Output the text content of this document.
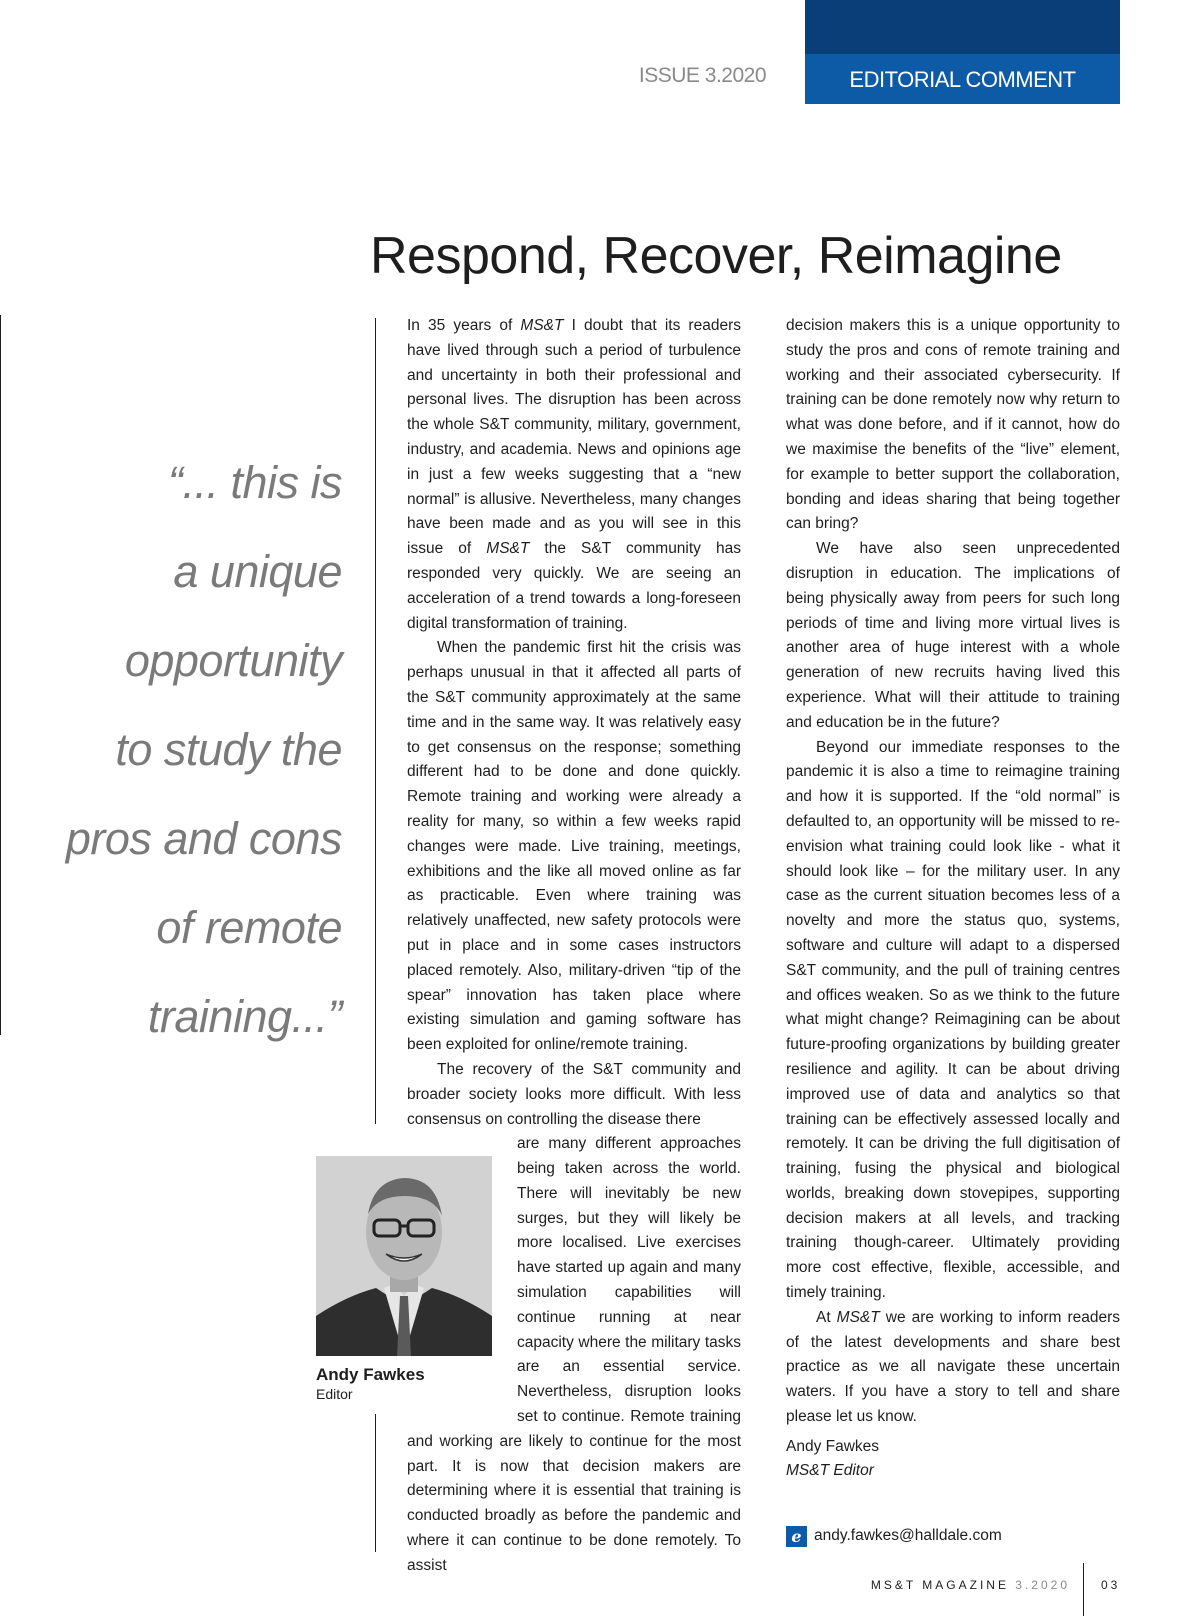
ISSUE 3.2020	EDITORIAL COMMENT
Respond, Recover, Reimagine
“... this is
a unique
opportunity
to study the
pros and cons
of remote
training...”

In 35 years of MS&T I doubt that its readers have lived through such a period of turbulence and uncertainty in both their professional and personal lives. The disruption has been across the whole S&T community, military, government, industry, and academia. News and opinions age in just a few weeks suggesting that a “new normal” is allusive. Nevertheless, many changes have been made and as you will see in this issue of MS&T the S&T community has responded very quickly. We are seeing an acceleration of a trend towards a long-foreseen digital transformation of training.

When the pandemic first hit the crisis was perhaps unusual in that it affected all parts of the S&T community approximately at the same time and in the same way. It was relatively easy to get consensus on the response; something different had to be done and done quickly. Remote training and working were already a reality for many, so within a few weeks rapid changes were made. Live training, meetings, exhibitions and the like all moved online as far as practicable. Even where training was relatively unaffected, new safety protocols were put in place and in some cases instructors placed remotely. Also, military-driven “tip of the spear” innovation has taken place where existing simulation and gaming software has been exploited for online/remote training.

The recovery of the S&T community and broader society looks more difficult. With less consensus on controlling the disease there

are many different approaches being taken across the world. There will inevitably be new surges, but they will likely be more localised. Live exercises have started up again and many simulation capabilities will continue running at near capacity where the military tasks are an essential service. Nevertheless, disruption looks set to continue. Remote training and working are likely to continue for the most part. It is now that decision makers are determining where it is essential that training is conducted broadly as before the pandemic and where it can continue to be done remotely. To assist

Andy Fawkes
Editor

decision makers this is a unique opportunity to study the pros and cons of remote training and working and their associated cybersecurity. If training can be done remotely now why return to what was done before, and if it cannot, how do we maximise the benefits of the “live” element, for example to better support the collaboration, bonding and ideas sharing that being together can bring?

We have also seen unprecedented disruption in education. The implications of being physically away from peers for such long periods of time and living more virtual lives is another area of huge interest with a whole generation of new recruits having lived this experience. What will their attitude to training and education be in the future?

Beyond our immediate responses to the pandemic it is also a time to reimagine training and how it is supported. If the “old normal” is defaulted to, an opportunity will be missed to re-envision what training could look like - what it should look like – for the military user. In any case as the current situation becomes less of a novelty and more the status quo, systems, software and culture will adapt to a dispersed S&T community, and the pull of training centres and offices weaken. So as we think to the future what might change? Reimagining can be about future-proofing organizations by building greater resilience and agility. It can be about driving improved use of data and analytics so that training can be effectively assessed locally and remotely. It can be driving the full digitisation of training, fusing the physical and biological worlds, breaking down stovepipes, supporting decision makers at all levels, and tracking training though-career. Ultimately providing more cost effective, flexible, accessible, and timely training.

At MS&T we are working to inform readers of the latest developments and share best practice as we all navigate these uncertain waters. If you have a story to tell and share please let us know.

Andy Fawkes
MS&T Editor
e andy.fawkes@halldale.com
MS&T MAGAZINE 3.2020	03
